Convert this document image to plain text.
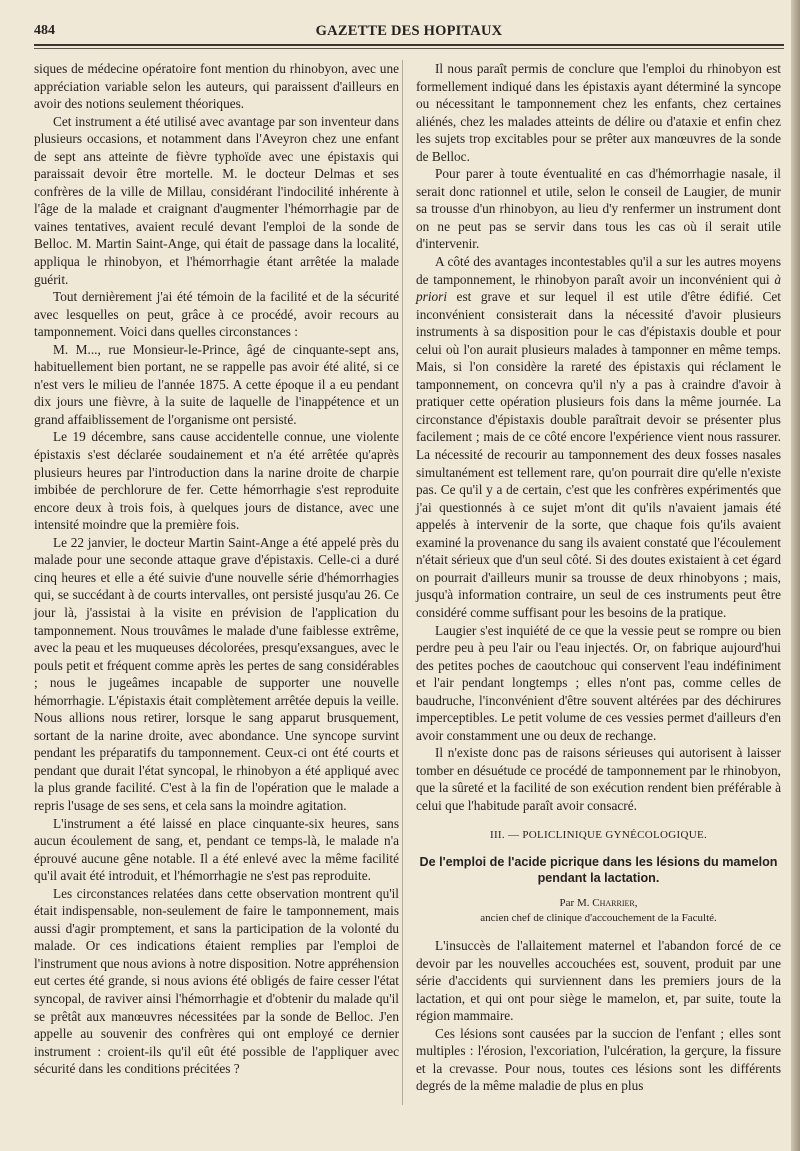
484	GAZETTE DES HOPITAUX

siques de médecine opératoire font mention du rhinobyon, avec une appréciation variable selon les auteurs, qui paraissent d'ailleurs en avoir des notions seulement théoriques.

Cet instrument a été utilisé avec avantage par son inventeur dans plusieurs occasions, et notamment dans l'Aveyron chez une enfant de sept ans atteinte de fièvre typhoïde avec une épistaxis qui paraissait devoir être mortelle. M. le docteur Delmas et ses confrères de la ville de Millau, considérant l'indocilité inhérente à l'âge de la malade et craignant d'augmenter l'hémorrhagie par de vaines tentatives, avaient reculé devant l'emploi de la sonde de Belloc. M. Martin Saint-Ange, qui était de passage dans la localité, appliqua le rhinobyon, et l'hémorrhagie étant arrêtée la malade guérit.

Tout dernièrement j'ai été témoin de la facilité et de la sécurité avec lesquelles on peut, grâce à ce procédé, avoir recours au tamponnement. Voici dans quelles circonstances :

M. M..., rue Monsieur-le-Prince, âgé de cinquante-sept ans, habituellement bien portant, ne se rappelle pas avoir été alité, si ce n'est vers le milieu de l'année 1875. A cette époque il a eu pendant dix jours une fièvre, à la suite de laquelle de l'inappétence et un grand affaiblissement de l'organisme ont persisté.

Le 19 décembre, sans cause accidentelle connue, une violente épistaxis s'est déclarée soudainement et n'a été arrêtée qu'après plusieurs heures par l'introduction dans la narine droite de charpie imbibée de perchlorure de fer. Cette hémorrhagie s'est reproduite encore deux à trois fois, à quelques jours de distance, avec une intensité moindre que la première fois.

Le 22 janvier, le docteur Martin Saint-Ange a été appelé près du malade pour une seconde attaque grave d'épistaxis. Celle-ci a duré cinq heures et elle a été suivie d'une nouvelle série d'hémorrhagies qui, se succédant à de courts intervalles, ont persisté jusqu'au 26. Ce jour là, j'assistai à la visite en prévision de l'application du tamponnement. Nous trouvâmes le malade d'une faiblesse extrême, avec la peau et les muqueuses décolorées, presqu'exsangues, avec le pouls petit et fréquent comme après les pertes de sang considérables ; nous le jugeâmes incapable de supporter une nouvelle hémorrhagie. L'épistaxis était complètement arrêtée depuis la veille. Nous allions nous retirer, lorsque le sang apparut brusquement, sortant de la narine droite, avec abondance. Une syncope survint pendant les préparatifs du tamponnement. Ceux-ci ont été courts et pendant que durait l'état syncopal, le rhinobyon a été appliqué avec la plus grande facilité. C'est à la fin de l'opération que le malade a repris l'usage de ses sens, et cela sans la moindre agitation.

L'instrument a été laissé en place cinquante-six heures, sans aucun écoulement de sang, et, pendant ce temps-là, le malade n'a éprouvé aucune gêne notable. Il a été enlevé avec la même facilité qu'il avait été introduit, et l'hémorrhagie ne s'est pas reproduite.

Les circonstances relatées dans cette observation montrent qu'il était indispensable, non-seulement de faire le tamponnement, mais aussi d'agir promptement, et sans la participation de la volonté du malade. Or ces indications étaient remplies par l'emploi de l'instrument que nous avions à notre disposition. Notre appréhension eut certes été grande, si nous avions été obligés de faire cesser l'état syncopal, de raviver ainsi l'hémorrhagie et d'obtenir du malade qu'il se prêtât aux manœuvres nécessitées par la sonde de Belloc. J'en appelle au souvenir des confrères qui ont employé ce dernier instrument : croient-ils qu'il eût été possible de l'appliquer avec sécurité dans les conditions précitées ?

Il nous paraît permis de conclure que l'emploi du rhinobyon est formellement indiqué dans les épistaxis ayant déterminé la syncope ou nécessitant le tamponnement chez les enfants, chez certaines aliénés, chez les malades atteints de délire ou d'ataxie et enfin chez les sujets trop excitables pour se prêter aux manœuvres de la sonde de Belloc.

Pour parer à toute éventualité en cas d'hémorrhagie nasale, il serait donc rationnel et utile, selon le conseil de Laugier, de munir sa trousse d'un rhinobyon, au lieu d'y renfermer un instrument dont on ne peut pas se servir dans tous les cas où il serait utile d'intervenir.

A côté des avantages incontestables qu'il a sur les autres moyens de tamponnement, le rhinobyon paraît avoir un inconvénient qui à priori est grave et sur lequel il est utile d'être édifié. Cet inconvénient consisterait dans la nécessité d'avoir plusieurs instruments à sa disposition pour le cas d'épistaxis double et pour celui où l'on aurait plusieurs malades à tamponner en même temps. Mais, si l'on considère la rareté des épistaxis qui réclament le tamponnement, on concevra qu'il n'y a pas à craindre d'avoir à pratiquer cette opération plusieurs fois dans la même journée. La circonstance d'épistaxis double paraîtrait devoir se présenter plus facilement ; mais de ce côté encore l'expérience vient nous rassurer. La nécessité de recourir au tamponnement des deux fosses nasales simultanément est tellement rare, qu'on pourrait dire qu'elle n'existe pas. Ce qu'il y a de certain, c'est que les confrères expérimentés que j'ai questionnés à ce sujet m'ont dit qu'ils n'avaient jamais été appelés à intervenir de la sorte, que chaque fois qu'ils avaient examiné la provenance du sang ils avaient constaté que l'écoulement n'était sérieux que d'un seul côté. Si des doutes existaient à cet égard on pourrait d'ailleurs munir sa trousse de deux rhinobyons ; mais, jusqu'à information contraire, un seul de ces instruments peut être considéré comme suffisant pour les besoins de la pratique.

Laugier s'est inquiété de ce que la vessie peut se rompre ou bien perdre peu à peu l'air ou l'eau injectés. Or, on fabrique aujourd'hui des petites poches de caoutchouc qui conservent l'eau indéfiniment et l'air pendant longtemps ; elles n'ont pas, comme celles de baudruche, l'inconvénient d'être souvent altérées par des déchirures imperceptibles. Le petit volume de ces vessies permet d'ailleurs d'en avoir constamment une ou deux de rechange.

Il n'existe donc pas de raisons sérieuses qui autorisent à laisser tomber en désuétude ce procédé de tamponnement par le rhinobyon, que la sûreté et la facilité de son exécution rendent bien préférable à celui que l'habitude paraît avoir consacré.

III. — POLICLINIQUE GYNÉCOLOGIQUE.

De l'emploi de l'acide picrique dans les lésions du mamelon pendant la lactation.

Par M. Charrier,

ancien chef de clinique d'accouchement de la Faculté.

L'insuccès de l'allaitement maternel et l'abandon forcé de ce devoir par les nouvelles accouchées est, souvent, produit par une série d'accidents qui surviennent dans les premiers jours de la lactation, et qui ont pour siège le mamelon, et, par suite, toute la région mammaire.

Ces lésions sont causées par la succion de l'enfant ; elles sont multiples : l'érosion, l'excoriation, l'ulcération, la gerçure, la fissure et la crevasse. Pour nous, toutes ces lésions sont les différents degrés de la même maladie de plus en plus
